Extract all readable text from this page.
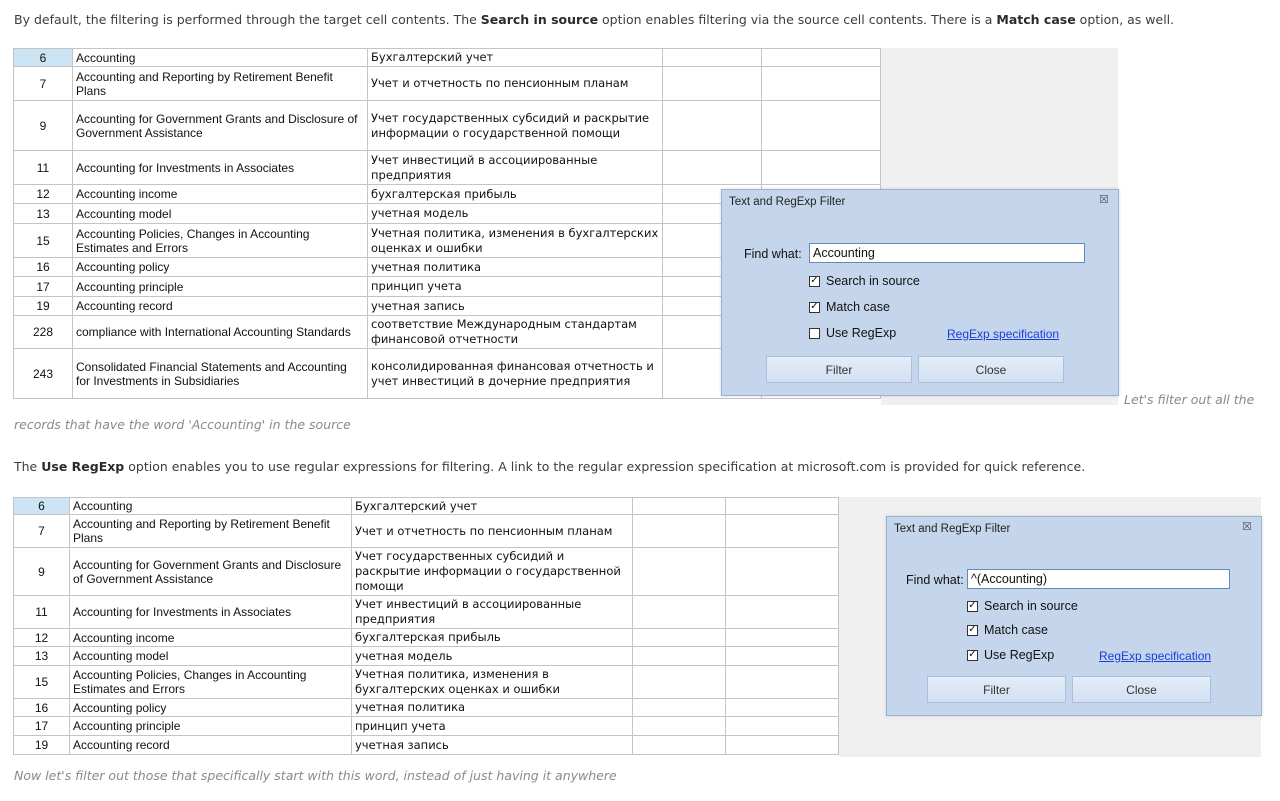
By default, the filtering is performed through the target cell contents. The Search in source option enables filtering via the source cell contents. There is a Match case option, as well.

6	Accounting	Бухгалтерский учет		
7	Accounting and Reporting by Retirement Benefit Plans	Учет и отчетность по пенсионным планам		
9	Accounting for Government Grants and Disclosure of Government Assistance	Учет государственных субсидий и раскрытие информации о государственной помощи		
11	Accounting for Investments in Associates	Учет инвестиций в ассоциированные предприятия		
12	Accounting income	бухгалтерская прибыль		
13	Accounting model	учетная модель		
15	Accounting Policies, Changes in Accounting Estimates and Errors	Учетная политика, изменения в бухгалтерских оценках и ошибки		
16	Accounting policy	учетная политика		
17	Accounting principle	принцип учета		
19	Accounting record	учетная запись		
228	compliance with International Accounting Standards	соответствие Международным стандартам финансовой отчетности		
243	Consolidated Financial Statements and Accounting for Investments in Subsidiaries	консолидированная финансовая отчетность и учет инвестиций в дочерние предприятия		
Text and RegExp Filter	☒
Find what:
Accounting
✓ Search in source
✓ Match case
Use RegExp	RegExp specification
Filter	Close
Let's filter out all the
records that have the word 'Accounting' in the source

The Use RegExp option enables you to use regular expressions for filtering. A link to the regular expression specification at microsoft.com is provided for quick reference.

6	Accounting	Бухгалтерский учет		
7	Accounting and Reporting by Retirement Benefit Plans	Учет и отчетность по пенсионным планам		
9	Accounting for Government Grants and Disclosure of Government Assistance	Учет государственных субсидий и раскрытие информации о государственной помощи		
11	Accounting for Investments in Associates	Учет инвестиций в ассоциированные предприятия		
12	Accounting income	бухгалтерская прибыль		
13	Accounting model	учетная модель		
15	Accounting Policies, Changes in Accounting Estimates and Errors	Учетная политика, изменения в бухгалтерских оценках и ошибки		
16	Accounting policy	учетная политика		
17	Accounting principle	принцип учета		
19	Accounting record	учетная запись		
Text and RegExp Filter	☒
Find what:
^(Accounting)
✓ Search in source
✓ Match case
✓ Use RegExp	RegExp specification
Filter	Close
Now let's filter out those that specifically start with this word, instead of just having it anywhere
